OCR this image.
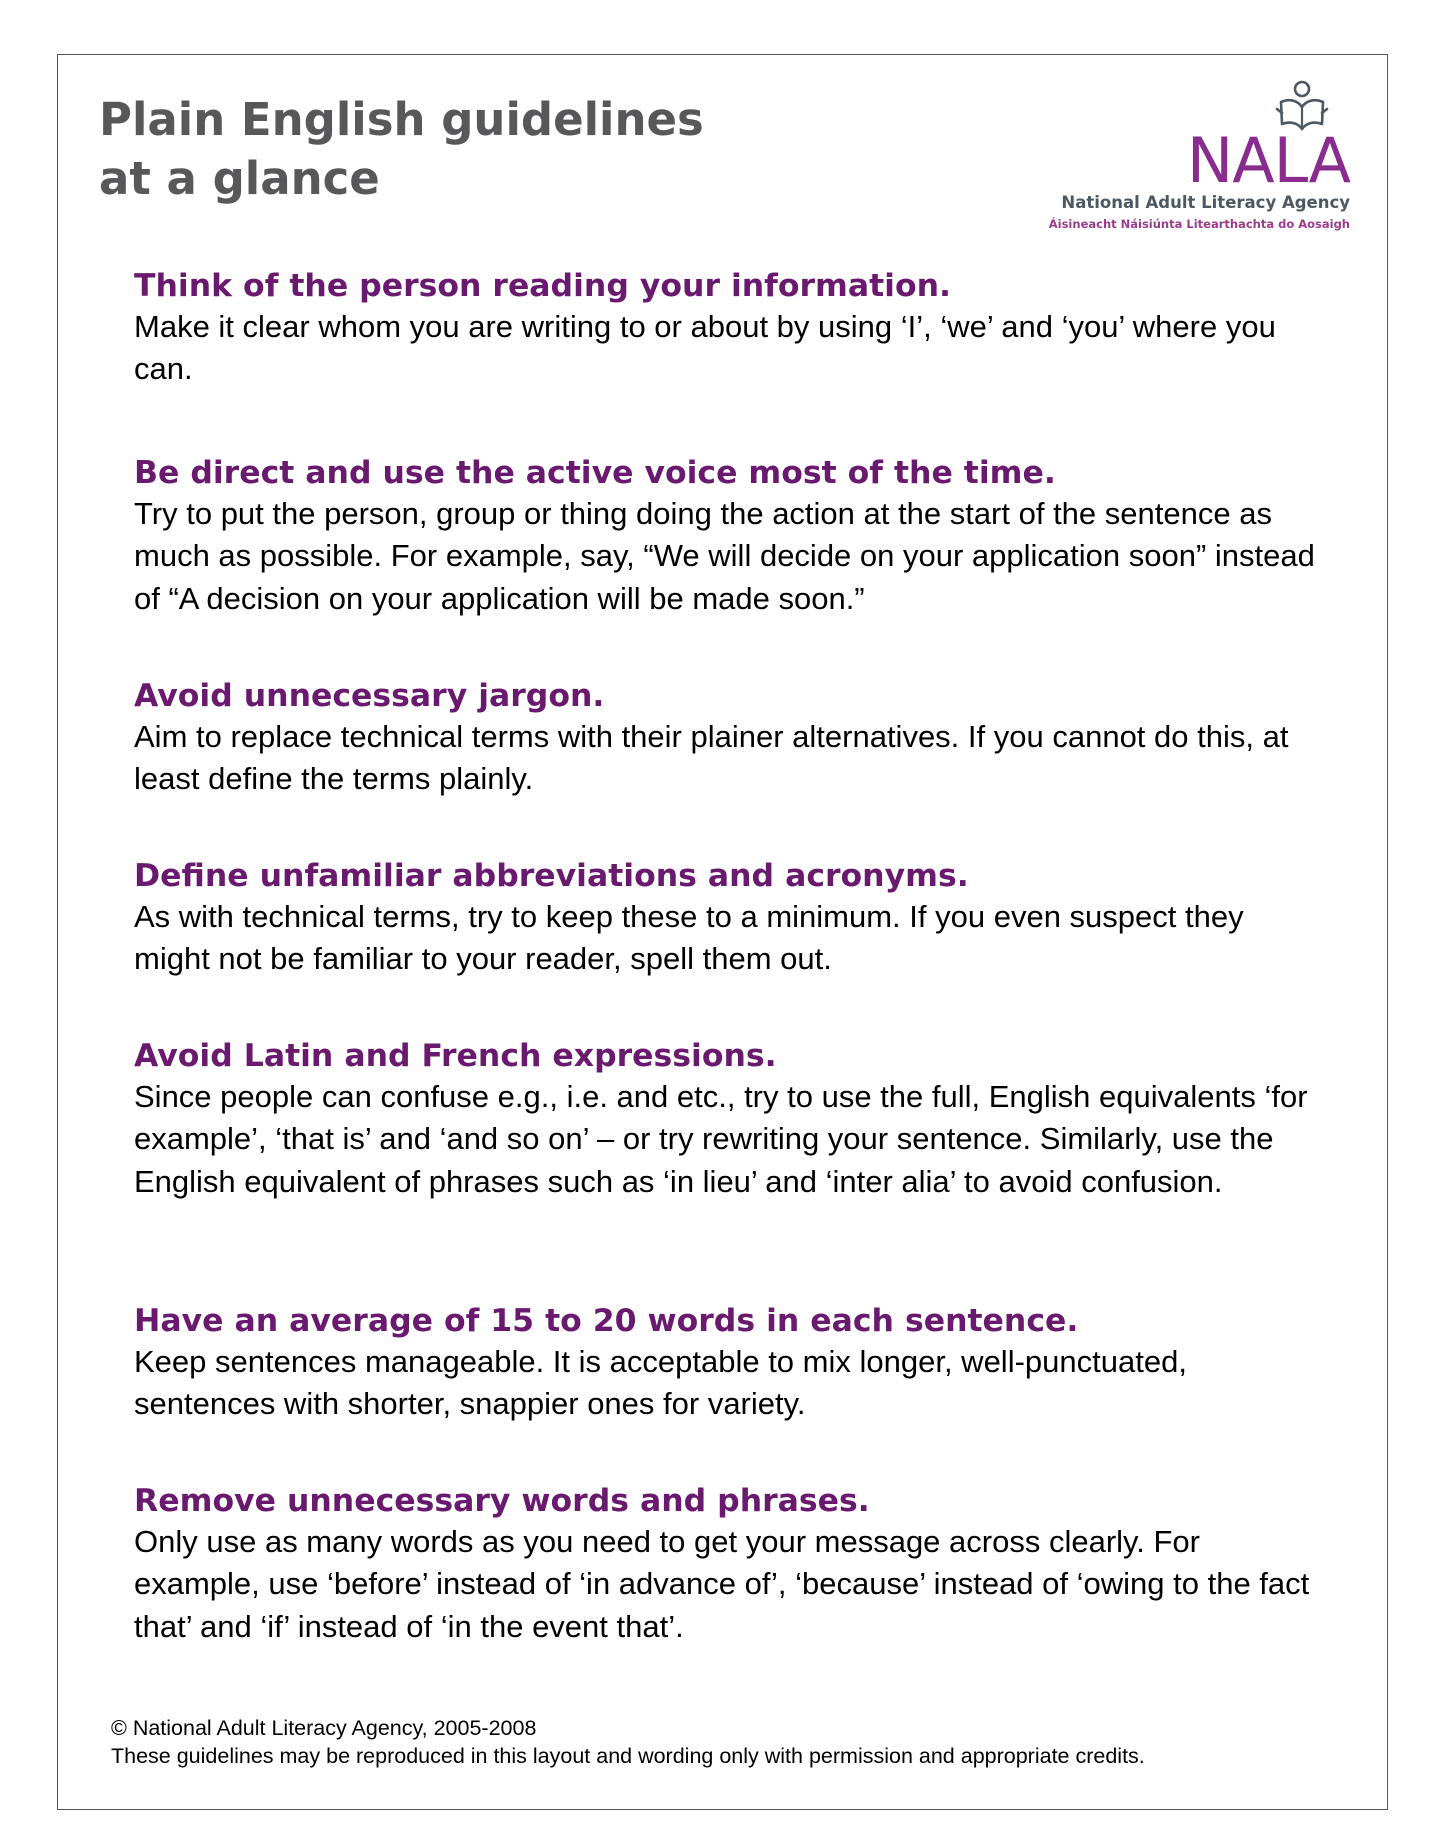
Plain English guidelines
at a glance	NALA
National Adult Literacy Agency
Áisineacht Náisiúnta Litearthachta do Aosaigh
Think of the person reading your information.

Make it clear whom you are writing to or about by using ‘I’, ‘we’ and ‘you’ where you can.

Be direct and use the active voice most of the time.

Try to put the person, group or thing doing the action at the start of the sentence as much as possible. For example, say, “We will decide on your application soon” instead of “A decision on your application will be made soon.”

Avoid unnecessary jargon.

Aim to replace technical terms with their plainer alternatives. If you cannot do this, at least define the terms plainly.

Define unfamiliar abbreviations and acronyms.

As with technical terms, try to keep these to a minimum. If you even suspect they might not be familiar to your reader, spell them out.

Avoid Latin and French expressions.

Since people can confuse e.g., i.e. and etc., try to use the full, English equivalents ‘for example’, ‘that is’ and ‘and so on’ – or try rewriting your sentence. Similarly, use the English equivalent of phrases such as ‘in lieu’ and ‘inter alia’ to avoid confusion.

Have an average of 15 to 20 words in each sentence.

Keep sentences manageable. It is acceptable to mix longer, well-punctuated, sentences with shorter, snappier ones for variety.

Remove unnecessary words and phrases.

Only use as many words as you need to get your message across clearly. For example, use ‘before’ instead of ‘in advance of’, ‘because’ instead of ‘owing to the fact that’ and ‘if’ instead of ‘in the event that’.

© National Adult Literacy Agency, 2005-2008
These guidelines may be reproduced in this layout and wording only with permission and appropriate credits.
